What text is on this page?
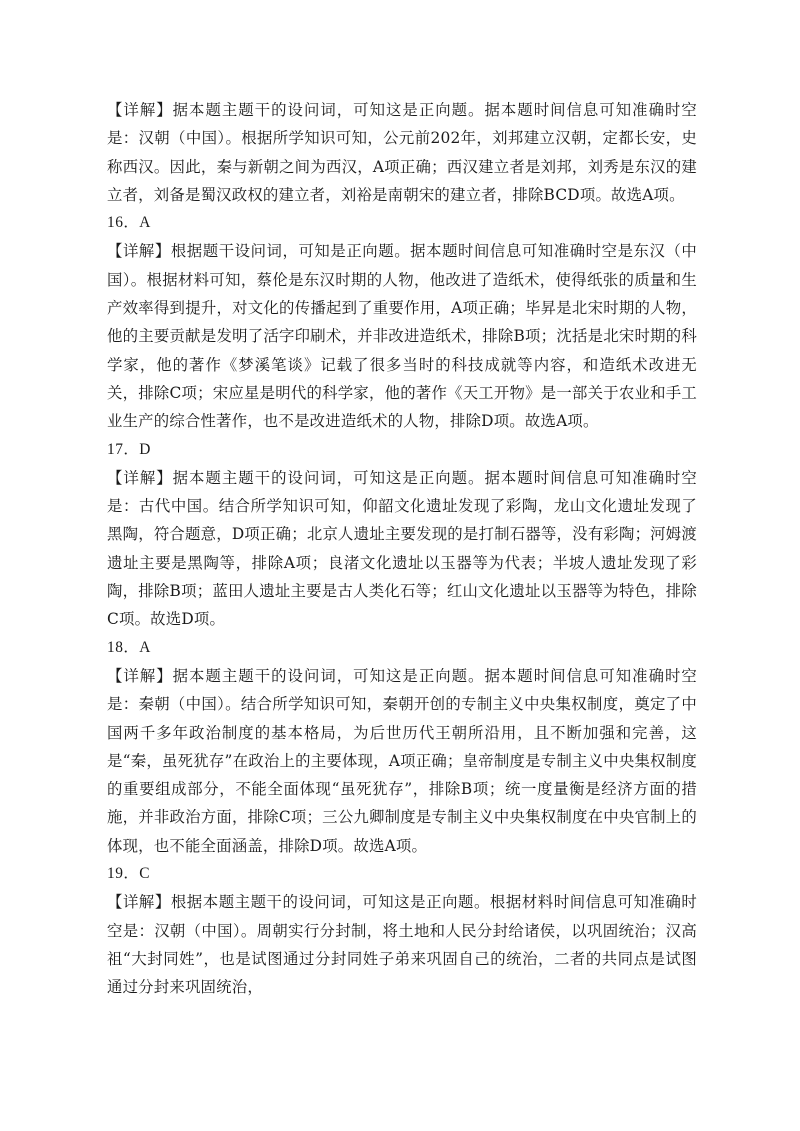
【详解】据本题主题干的设问词，可知这是正向题。据本题时间信息可知准确时空是：汉朝（中国）。根据所学知识可知，公元前202年，刘邦建立汉朝，定都长安，史称西汉。因此，秦与新朝之间为西汉，A项正确；西汉建立者是刘邦，刘秀是东汉的建立者，刘备是蜀汉政权的建立者，刘裕是南朝宋的建立者，排除BCD项。故选A项。

16．A

【详解】根据题干设问词，可知是正向题。据本题时间信息可知准确时空是东汉（中国）。根据材料可知，蔡伦是东汉时期的人物，他改进了造纸术，使得纸张的质量和生产效率得到提升，对文化的传播起到了重要作用，A项正确；毕昇是北宋时期的人物，他的主要贡献是发明了活字印刷术，并非改进造纸术，排除B项；沈括是北宋时期的科学家，他的著作《梦溪笔谈》记载了很多当时的科技成就等内容，和造纸术改进无关，排除C项；宋应星是明代的科学家，他的著作《天工开物》是一部关于农业和手工业生产的综合性著作，也不是改进造纸术的人物，排除D项。故选A项。

17．D

【详解】据本题主题干的设问词，可知这是正向题。据本题时间信息可知准确时空是：古代中国。结合所学知识可知，仰韶文化遗址发现了彩陶，龙山文化遗址发现了黑陶，符合题意，D项正确；北京人遗址主要发现的是打制石器等，没有彩陶；河姆渡遗址主要是黑陶等，排除A项；良渚文化遗址以玉器等为代表；半坡人遗址发现了彩陶，排除B项；蓝田人遗址主要是古人类化石等；红山文化遗址以玉器等为特色，排除C项。故选D项。

18．A

【详解】据本题主题干的设问词，可知这是正向题。据本题时间信息可知准确时空是：秦朝（中国）。结合所学知识可知，秦朝开创的专制主义中央集权制度，奠定了中国两千多年政治制度的基本格局，为后世历代王朝所沿用，且不断加强和完善，这是“秦，虽死犹存”在政治上的主要体现，A项正确；皇帝制度是专制主义中央集权制度的重要组成部分，不能全面体现“虽死犹存”，排除B项；统一度量衡是经济方面的措施，并非政治方面，排除C项；三公九卿制度是专制主义中央集权制度在中央官制上的体现，也不能全面涵盖，排除D项。故选A项。

19．C

【详解】根据本题主题干的设问词，可知这是正向题。根据材料时间信息可知准确时空是：汉朝（中国）。周朝实行分封制，将土地和人民分封给诸侯，以巩固统治；汉高祖“大封同姓”，也是试图通过分封同姓子弟来巩固自己的统治，二者的共同点是试图通过分封来巩固统治，
